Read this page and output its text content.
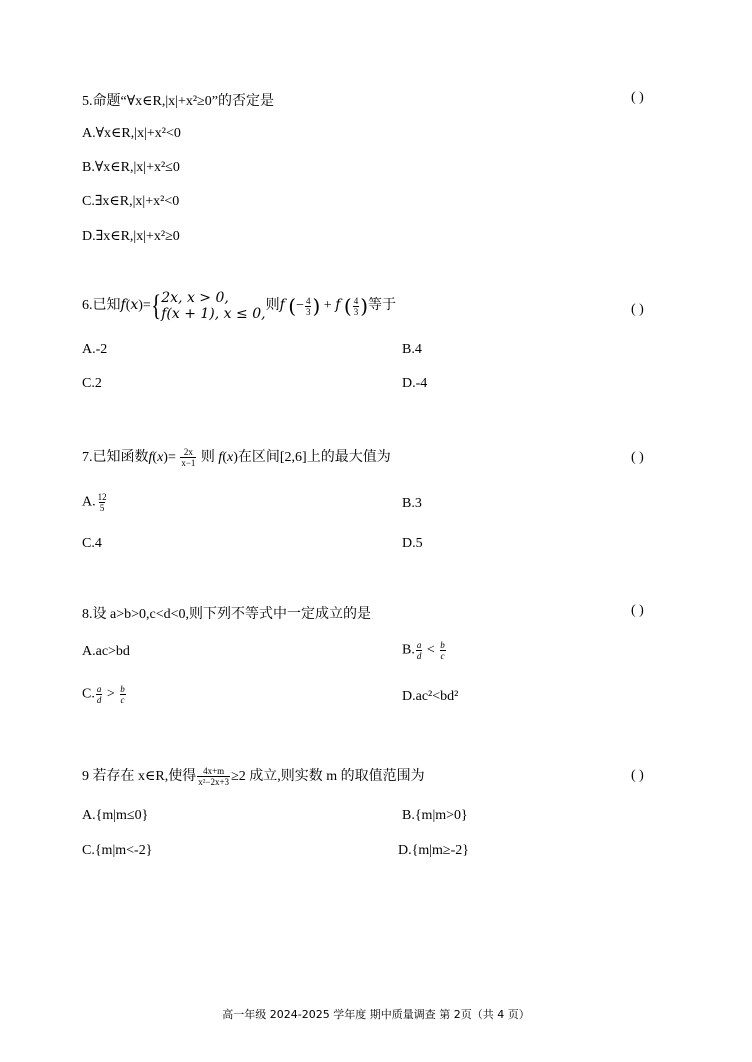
5.命题“∀x∈R,|x|+x²≥0”的否定是	( )
A.∀x∈R,|x|+x²<0
B.∀x∈R,|x|+x²≤0
C.∃x∈R,|x|+x²<0
D.∃x∈R,|x|+x²≥0
6.已知f(x)={ 2x, x > 0,
f(x + 1), x ≤ 0,
则f (− $\frac{4}{3}$ ) + f ( $\frac{4}{3}$ )等于	( )
A.-2	B.4
C.2	D.-4
7.已知函数$f(x)= \frac{2x}{x-1}$ 则 f(x)在区间[2,6]上的最大值为	( )
A. $\frac{12}{5}$	B.3
C.4	D.5
8.设 a>b>0,c<d<0,则下列不等式中一定成立的是	( )
A.ac>bd	B. $\frac{a}{d} < \frac{b}{c}$
C. $\frac{a}{d} > \frac{b}{c}$	D.ac²<bd²
9 若存在 x∈R,使得 $\frac{4x+m}{\text{x²−2x+3}} \ge 2$ 成立,则实数 m 的取值范围为	( )
A.{m|m≤0}	B.{m|m>0}
C.{m|m<-2}	D.{m|m≥-2}
高一年级 2024-2025 学年度 期中质量调查 第 2页（共 4 页）
